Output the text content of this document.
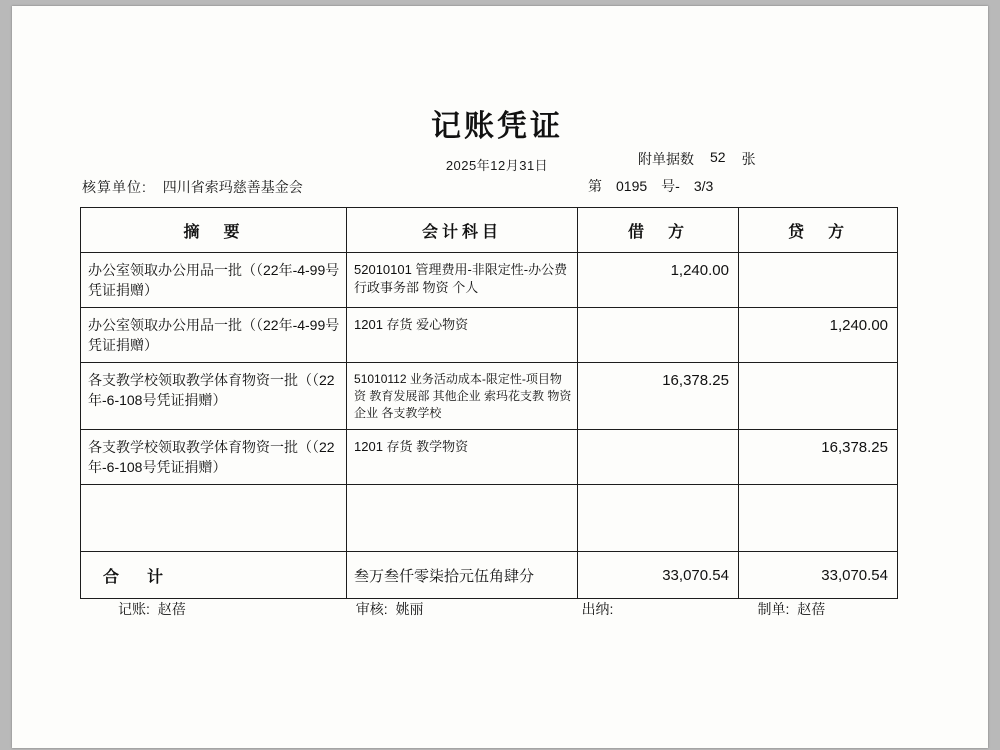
记账凭证
2025年12月31日	附单据数 52 张
第 0195 号- 3/3
核算单位: 四川省索玛慈善基金会
摘　要	会计科目	借　方	贷　方
办公室领取办公用品一批（（22年-4-99号凭证捐赠）	52010101 管理费用-非限定性-办公费 行政事务部 物资 个人	1,240.00	
办公室领取办公用品一批（（22年-4-99号凭证捐赠）	1201 存货 爱心物资		1,240.00
各支教学校领取教学体育物资一批（（22年-6-108号凭证捐赠）	51010112 业务活动成本-限定性-项目物资 教育发展部 其他企业 索玛花支教 物资 企业 各支教学校	16,378.25	
各支教学校领取教学体育物资一批（（22年-6-108号凭证捐赠）	1201 存货 教学物资		16,378.25

合　计	叁万叁仟零柒拾元伍角肆分	33,070.54	33,070.54
记账: 赵蓓	审核: 姚丽	出纳:	制单: 赵蓓
